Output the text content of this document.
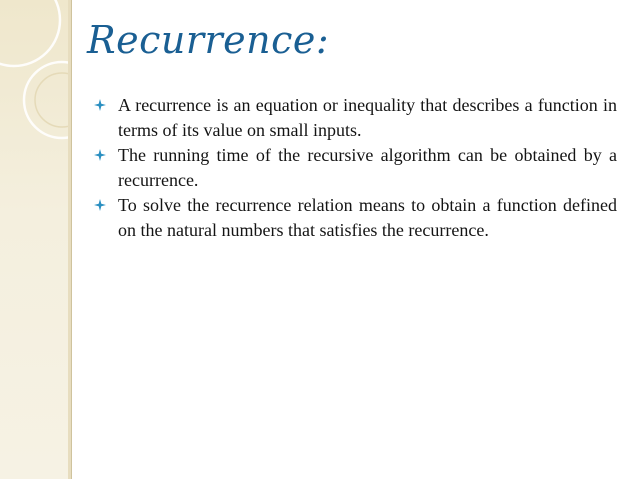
Recurrence:
A recurrence is an equation or inequality that describes a function in terms of its value on small inputs.
The running time of the recursive algorithm can be obtained by a recurrence.
To solve the recurrence relation means to obtain a function defined on the natural numbers that satisfies the recurrence.
